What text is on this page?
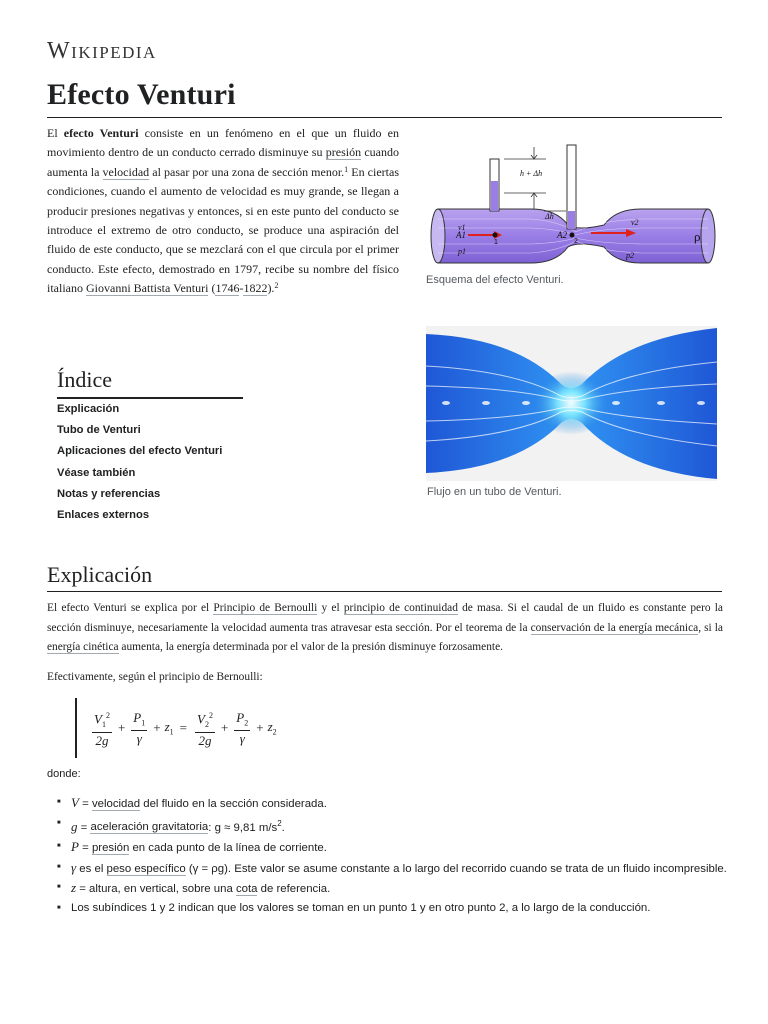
Wikipedia
Efecto Venturi
El efecto Venturi consiste en un fenómeno en el que un fluido en movimiento dentro de un conducto cerrado disminuye su presión cuando aumenta la velocidad al pasar por una zona de sección menor.$^1$ En ciertas condiciones, cuando el aumento de velocidad es muy grande, se llegan a producir presiones negativas y entonces, si en este punto del conducto se introduce el extremo de otro conducto, se produce una aspiración del fluido de este conducto, que se mezclará con el que circula por el primer conducto. Este efecto, demostrado en 1797, recibe su nombre del físico italiano Giovanni Battista Venturi (1746-1822).$^2$
h + Δh
Δh
A1
v1
p1
1
A2
2
v2
p2
ρ
Esquema del efecto Venturi.
Flujo en un tubo de Venturi.
Índice
Explicación
Tubo de Venturi
Aplicaciones del efecto Venturi
Véase también
Notas y referencias
Enlaces externos
Explicación
El efecto Venturi se explica por el Principio de Bernoulli y el principio de continuidad de masa. Si el caudal de un fluido es constante pero la sección disminuye, necesariamente la velocidad aumenta tras atravesar esta sección. Por el teorema de la conservación de la energía mecánica, si la energía cinética aumenta, la energía determinada por el valor de la presión disminuye forzosamente.
Efectivamente, según el principio de Bernoulli:
$\frac{V_1^2}{2g} + \frac{P_1}{\gamma} + z_1 = \frac{V_2^2}{2g} + \frac{P_2}{\gamma} + z_2$
donde:
■ V = velocidad del fluido en la sección considerada.
■ g = aceleración gravitatoria: g ≈ 9,81 $m/s^2$.
■ P = presión en cada punto de la línea de corriente.
■ γ es el peso específico (γ = ρg). Este valor se asume constante a lo largo del recorrido cuando se trata de un fluido incompresible.
■ z = altura, en vertical, sobre una cota de referencia.
■ Los subíndices 1 y 2 indican que los valores se toman en un punto 1 y en otro punto 2, a lo largo de la conducción.
